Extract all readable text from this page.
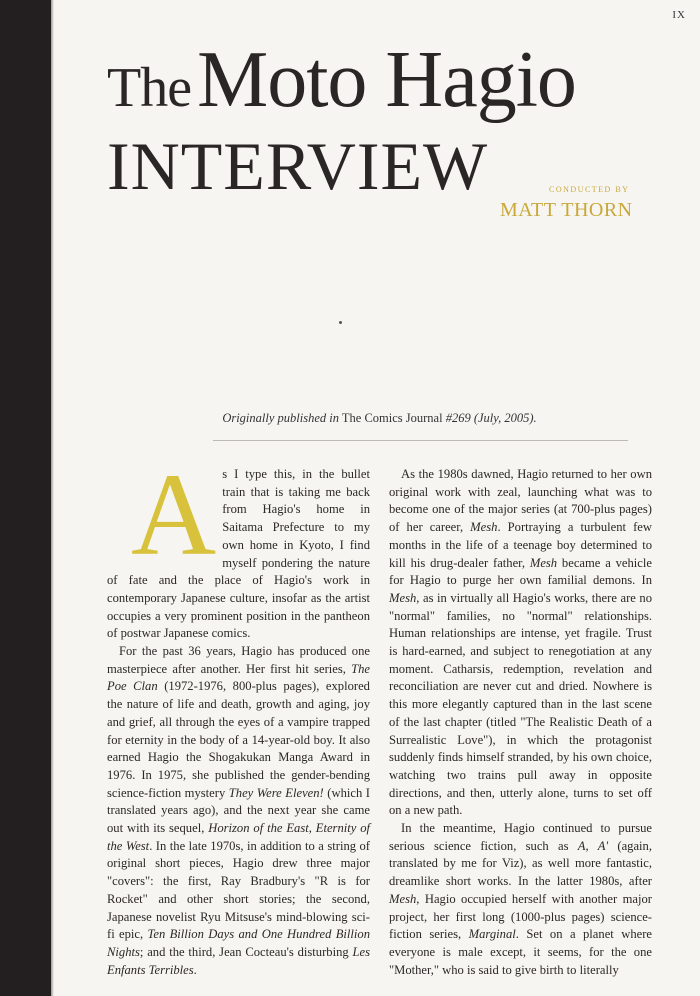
IX
TheMoto Hagio
INTERVIEW	CONDUCTED BY
MATT THORN
Originally published in The Comics Journal #269 (July, 2005).

As I type this, in the bullet train that is taking me back from Hagio's home in Saitama Prefecture to my own home in Kyoto, I find myself pondering the nature of fate and the place of Hagio's work in contemporary Japanese culture, insofar as the artist occupies a very prominent position in the pantheon of postwar Japanese comics.

For the past 36 years, Hagio has produced one masterpiece after another. Her first hit series, The Poe Clan (1972-1976, 800-plus pages), explored the nature of life and death, growth and aging, joy and grief, all through the eyes of a vampire trapped for eternity in the body of a 14-year-old boy. It also earned Hagio the Shogakukan Manga Award in 1976. In 1975, she published the gender-bending science-fiction mystery They Were Eleven! (which I translated years ago), and the next year she came out with its sequel, Horizon of the East, Eternity of the West. In the late 1970s, in addition to a string of original short pieces, Hagio drew three major "covers": the first, Ray Bradbury's "R is for Rocket" and other short stories; the second, Japanese novelist Ryu Mitsuse's mind-blowing sci-fi epic, Ten Billion Days and One Hundred Billion Nights; and the third, Jean Cocteau's disturbing Les Enfants Terribles.

As the 1980s dawned, Hagio returned to her own original work with zeal, launching what was to become one of the major series (at 700-plus pages) of her career, Mesh. Portraying a turbulent few months in the life of a teenage boy determined to kill his drug-dealer father, Mesh became a vehicle for Hagio to purge her own familial demons. In Mesh, as in virtually all Hagio's works, there are no "normal" families, no "normal" relationships. Human relationships are intense, yet fragile. Trust is hard-earned, and subject to renegotiation at any moment. Catharsis, redemption, revelation and reconciliation are never cut and dried. Nowhere is this more elegantly captured than in the last scene of the last chapter (titled "The Realistic Death of a Surrealistic Love"), in which the protagonist suddenly finds himself stranded, by his own choice, watching two trains pull away in opposite directions, and then, utterly alone, turns to set off on a new path.

In the meantime, Hagio continued to pursue serious science fiction, such as A, A' (again, translated by me for Viz), as well more fantastic, dreamlike short works. In the latter 1980s, after Mesh, Hagio occupied herself with another major project, her first long (1000-plus pages) science-fiction series, Marginal. Set on a planet where everyone is male except, it seems, for the one "Mother," who is said to give birth to literally
